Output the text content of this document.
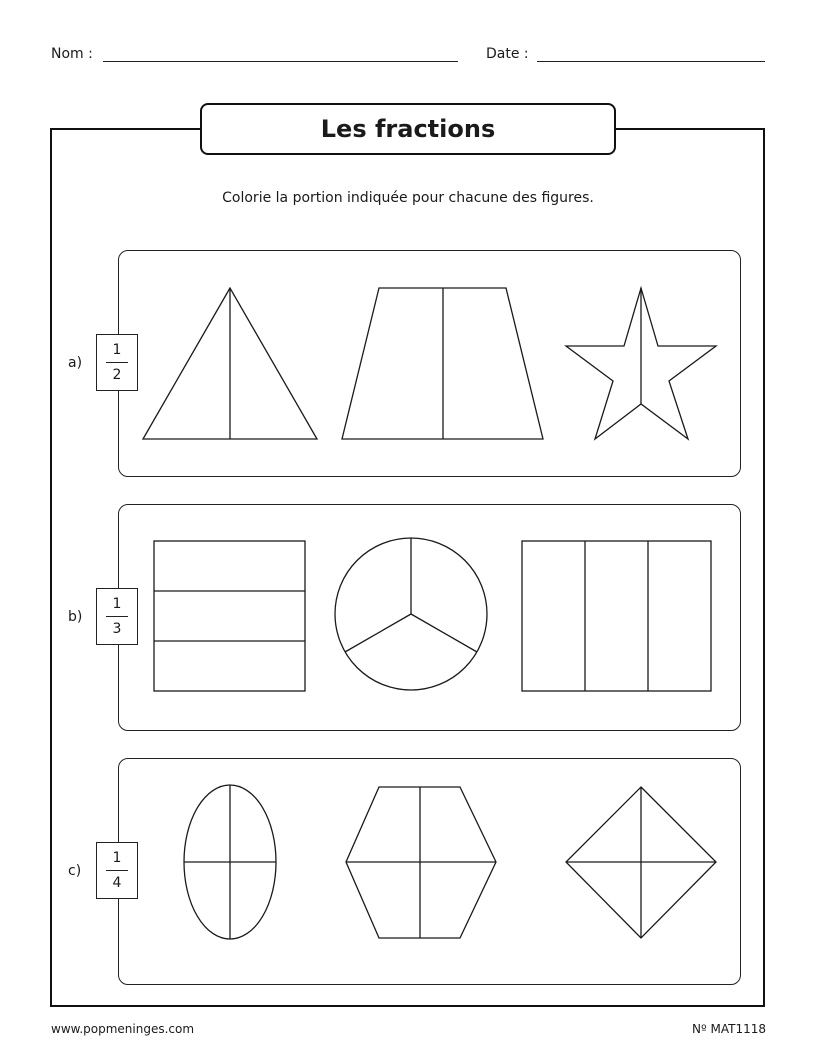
Nom :	Date :
Les fractions
Colorie la portion indiquée pour chacune des figures.
a)
1
2
b)
1
3
c)
1
4
www.popmeninges.com	Nº MAT1118
